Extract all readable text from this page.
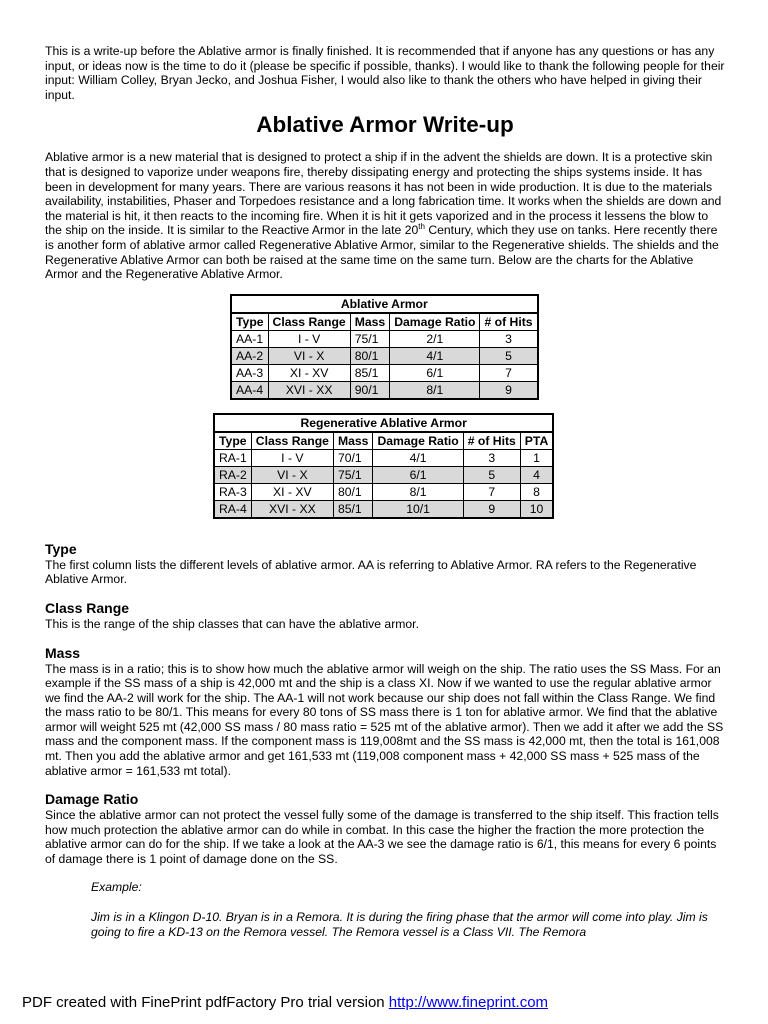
This is a write-up before the Ablative armor is finally finished. It is recommended that if anyone has any questions or has any input, or ideas now is the time to do it (please be specific if possible, thanks). I would like to thank the following people for their input: William Colley, Bryan Jecko, and Joshua Fisher, I would also like to thank the others who have helped in giving their input.

Ablative Armor Write-up

Ablative armor is a new material that is designed to protect a ship if in the advent the shields are down. It is a protective skin that is designed to vaporize under weapons fire, thereby dissipating energy and protecting the ships systems inside. It has been in development for many years. There are various reasons it has not been in wide production. It is due to the materials availability, instabilities, Phaser and Torpedoes resistance and a long fabrication time. It works when the shields are down and the material is hit, it then reacts to the incoming fire. When it is hit it gets vaporized and in the process it lessens the blow to the ship on the inside. It is similar to the Reactive Armor in the late 20th Century, which they use on tanks. Here recently there is another form of ablative armor called Regenerative Ablative Armor, similar to the Regenerative shields. The shields and the Regenerative Ablative Armor can both be raised at the same time on the same turn. Below are the charts for the Ablative Armor and the Regenerative Ablative Armor.

Ablative Armor				
Type	Class Range	Mass	Damage Ratio	# of Hits
AA-1	I - V	75/1	2/1	3
AA-2	VI - X	80/1	4/1	5
AA-3	XI - XV	85/1	6/1	7
AA-4	XVI - XX	90/1	8/1	9
Regenerative Ablative Armor					
Type	Class Range	Mass	Damage Ratio	# of Hits	PTA
RA-1	I - V	70/1	4/1	3	1
RA-2	VI - X	75/1	6/1	5	4
RA-3	XI - XV	80/1	8/1	7	8
RA-4	XVI - XX	85/1	10/1	9	10
Type

The first column lists the different levels of ablative armor. AA is referring to Ablative Armor. RA refers to the Regenerative Ablative Armor.

Class Range

This is the range of the ship classes that can have the ablative armor.

Mass

The mass is in a ratio; this is to show how much the ablative armor will weigh on the ship. The ratio uses the SS Mass. For an example if the SS mass of a ship is 42,000 mt and the ship is a class XI. Now if we wanted to use the regular ablative armor we find the AA-2 will work for the ship. The AA-1 will not work because our ship does not fall within the Class Range. We find the mass ratio to be 80/1. This means for every 80 tons of SS mass there is 1 ton for ablative armor. We find that the ablative armor will weight 525 mt (42,000 SS mass / 80 mass ratio = 525 mt of the ablative armor). Then we add it after we add the SS mass and the component mass. If the component mass is 119,008mt and the SS mass is 42,000 mt, then the total is 161,008 mt. Then you add the ablative armor and get 161,533 mt (119,008 component mass + 42,000 SS mass + 525 mass of the ablative armor = 161,533 mt total).

Damage Ratio

Since the ablative armor can not protect the vessel fully some of the damage is transferred to the ship itself. This fraction tells how much protection the ablative armor can do while in combat. In this case the higher the fraction the more protection the ablative armor can do for the ship. If we take a look at the AA-3 we see the damage ratio is 6/1, this means for every 6 points of damage there is 1 point of damage done on the SS.

Example:

Jim is in a Klingon D-10. Bryan is in a Remora. It is during the firing phase that the armor will come into play. Jim is going to fire a KD-13 on the Remora vessel. The Remora vessel is a Class VII. The Remora

PDF created with FinePrint pdfFactory Pro trial version http://www.fineprint.com
